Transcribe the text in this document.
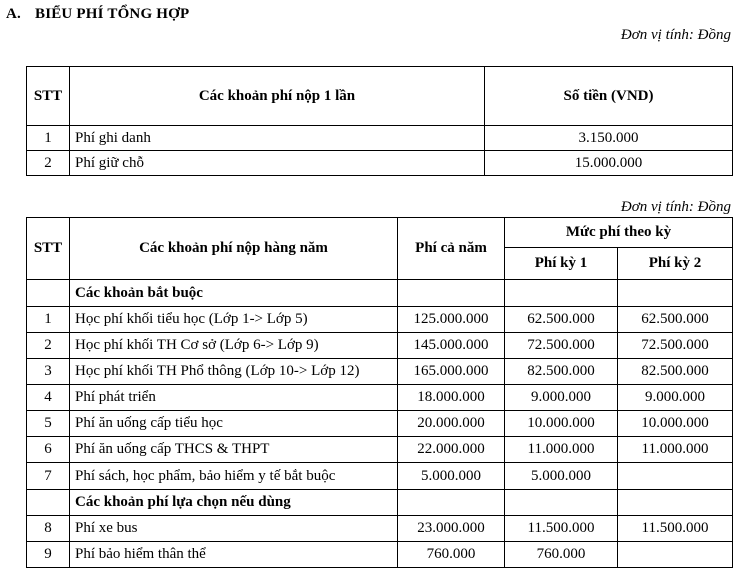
A. BIỂU PHÍ TỔNG HỢP
Đơn vị tính: Đồng
STT	Các khoản phí nộp 1 lần	Số tiền (VND)
1	Phí ghi danh	3.150.000
2	Phí giữ chỗ	15.000.000
Đơn vị tính: Đồng
STT	Các khoản phí nộp hàng năm	Phí cả năm	Mức phí theo kỳ	
			Phí kỳ 1	Phí kỳ 2
	Các khoản bắt buộc			
1	Học phí khối tiểu học (Lớp 1-> Lớp 5)	125.000.000	62.500.000	62.500.000
2	Học phí khối TH Cơ sở (Lớp 6-> Lớp 9)	145.000.000	72.500.000	72.500.000
3	Học phí khối TH Phổ thông (Lớp 10-> Lớp 12)	165.000.000	82.500.000	82.500.000
4	Phí phát triển	18.000.000	9.000.000	9.000.000
5	Phí ăn uống cấp tiểu học	20.000.000	10.000.000	10.000.000
6	Phí ăn uống cấp THCS & THPT	22.000.000	11.000.000	11.000.000
7	Phí sách, học phẩm, bảo hiểm y tế bắt buộc	5.000.000	5.000.000	
	Các khoản phí lựa chọn nếu dùng			
8	Phí xe bus	23.000.000	11.500.000	11.500.000
9	Phí bảo hiểm thân thể	760.000	760.000	
